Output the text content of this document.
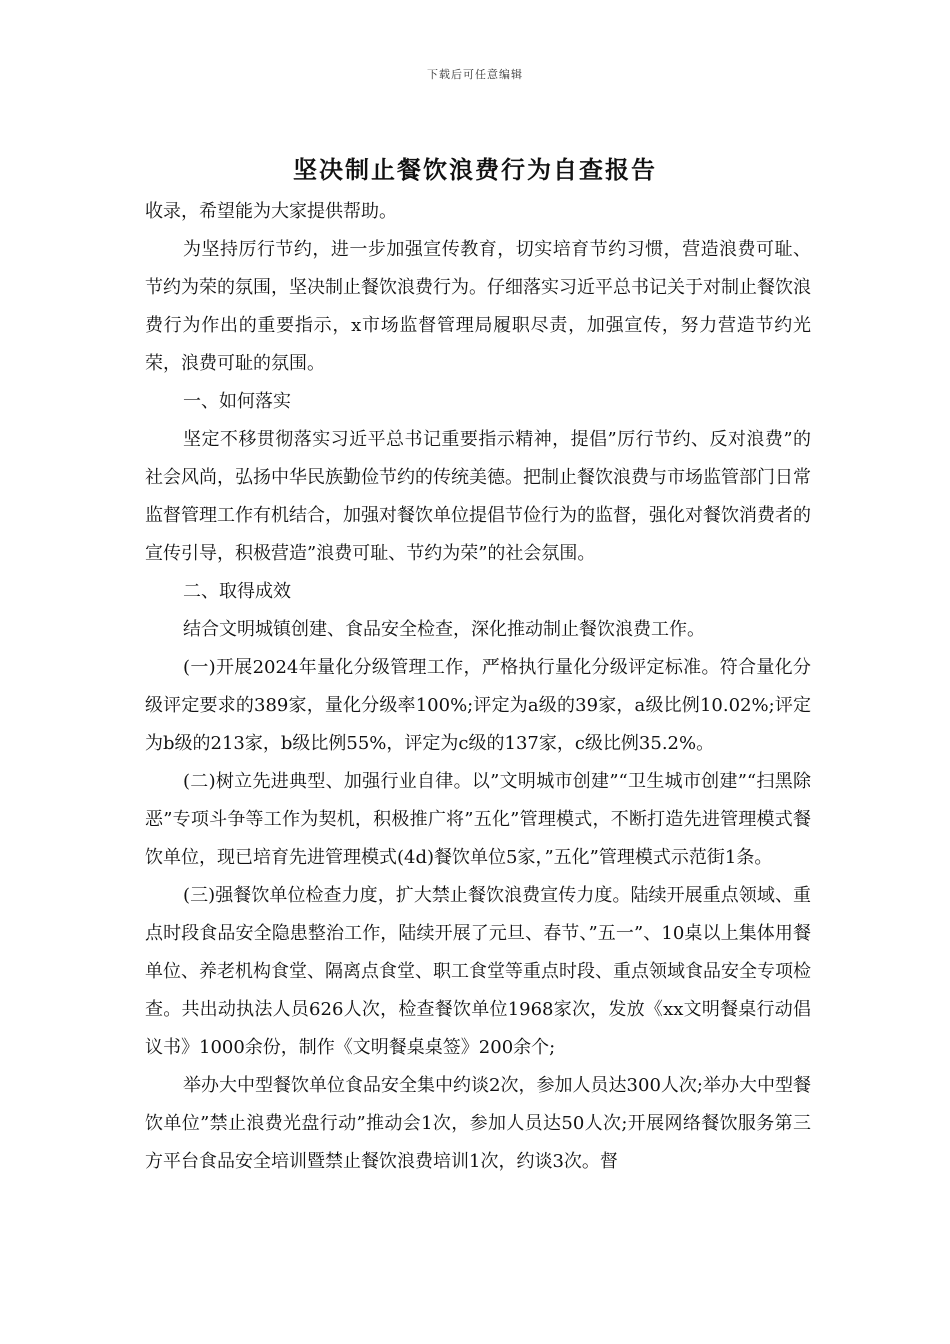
下载后可任意编辑
坚决制止餐饮浪费行为自查报告

收录，希望能为大家提供帮助。

为坚持厉行节约，进一步加强宣传教育，切实培育节约习惯，营造浪费可耻、节约为荣的氛围，坚决制止餐饮浪费行为。仔细落实习近平总书记关于对制止餐饮浪费行为作出的重要指示，x市场监督管理局履职尽责，加强宣传，努力营造节约光荣，浪费可耻的氛围。

一、如何落实

坚定不移贯彻落实习近平总书记重要指示精神，提倡”厉行节约、反对浪费”的社会风尚，弘扬中华民族勤俭节约的传统美德。把制止餐饮浪费与市场监管部门日常监督管理工作有机结合，加强对餐饮单位提倡节俭行为的监督，强化对餐饮消费者的宣传引导，积极营造”浪费可耻、节约为荣”的社会氛围。

二、取得成效

结合文明城镇创建、食品安全检查，深化推动制止餐饮浪费工作。

(一)开展2024年量化分级管理工作，严格执行量化分级评定标准。符合量化分级评定要求的389家，量化分级率100%;评定为a级的39家，a级比例10.02%;评定为b级的213家，b级比例55%，评定为c级的137家，c级比例35.2%。

(二)树立先进典型、加强行业自律。以”文明城市创建”“卫生城市创建”“扫黑除恶”专项斗争等工作为契机，积极推广将”五化”管理模式，不断打造先进管理模式餐饮单位，现已培育先进管理模式(4d)餐饮单位5家，”五化”管理模式示范街1条。

(三)强餐饮单位检查力度，扩大禁止餐饮浪费宣传力度。陆续开展重点领域、重点时段食品安全隐患整治工作，陆续开展了元旦、春节、”五一”、10桌以上集体用餐单位、养老机构食堂、隔离点食堂、职工食堂等重点时段、重点领域食品安全专项检查。共出动执法人员626人次，检查餐饮单位1968家次，发放《xx文明餐桌行动倡议书》1000余份，制作《文明餐桌桌签》200余个;

举办大中型餐饮单位食品安全集中约谈2次，参加人员达300人次;举办大中型餐饮单位”禁止浪费光盘行动”推动会1次，参加人员达50人次;开展网络餐饮服务第三方平台食品安全培训暨禁止餐饮浪费培训1次，约谈3次。督
